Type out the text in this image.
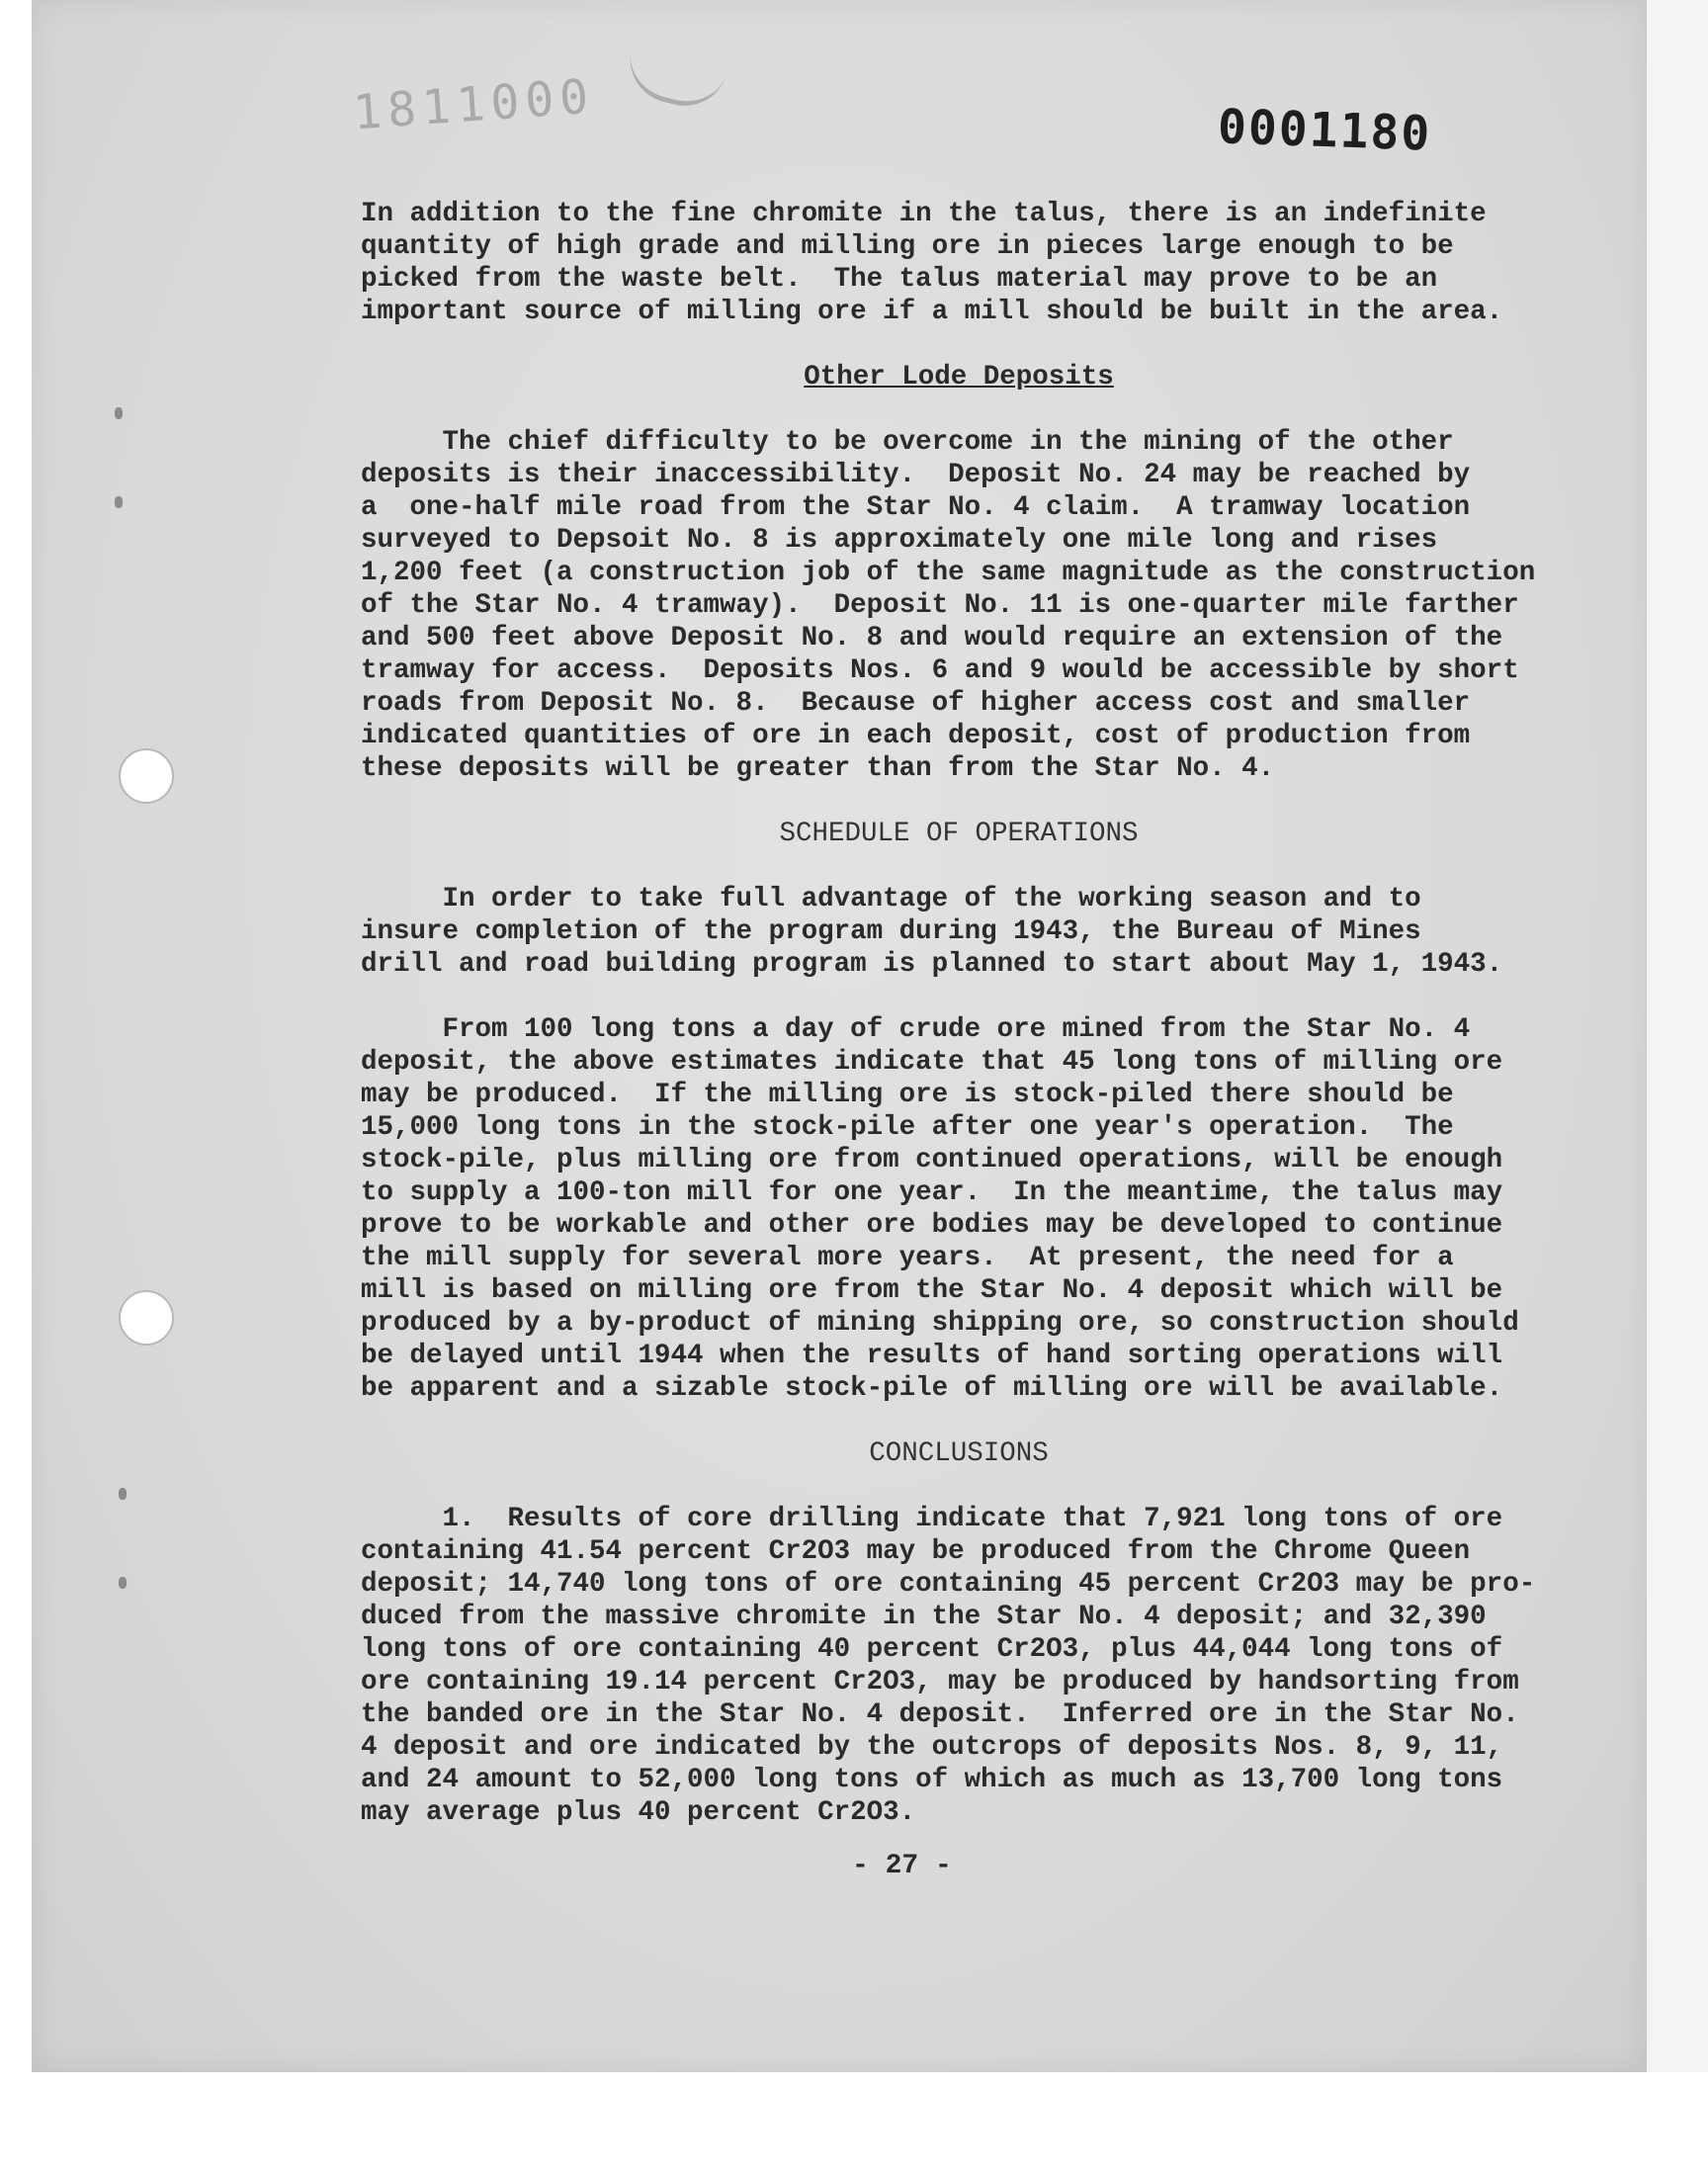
1811000	0001180

In addition to the fine chromite in the talus, there is an indefinite

quantity of high grade and milling ore in pieces large enough to be

picked from the waste belt.  The talus material may prove to be an

important source of milling ore if a mill should be built in the area.

Other Lode Deposits

The chief difficulty to be overcome in the mining of the other

deposits is their inaccessibility.  Deposit No. 24 may be reached by

a  one-half mile road from the Star No. 4 claim.  A tramway location

surveyed to Depsoit No. 8 is approximately one mile long and rises

1,200 feet (a construction job of the same magnitude as the construction

of the Star No. 4 tramway).  Deposit No. 11 is one-quarter mile farther

and 500 feet above Deposit No. 8 and would require an extension of the

tramway for access.  Deposits Nos. 6 and 9 would be accessible by short

roads from Deposit No. 8.  Because of higher access cost and smaller

indicated quantities of ore in each deposit, cost of production from

these deposits will be greater than from the Star No. 4.

SCHEDULE OF OPERATIONS

In order to take full advantage of the working season and to

insure completion of the program during 1943, the Bureau of Mines

drill and road building program is planned to start about May 1, 1943.

From 100 long tons a day of crude ore mined from the Star No. 4

deposit, the above estimates indicate that 45 long tons of milling ore

may be produced.  If the milling ore is stock-piled there should be

15,000 long tons in the stock-pile after one year's operation.  The

stock-pile, plus milling ore from continued operations, will be enough

to supply a 100-ton mill for one year.  In the meantime, the talus may

prove to be workable and other ore bodies may be developed to continue

the mill supply for several more years.  At present, the need for a

mill is based on milling ore from the Star No. 4 deposit which will be

produced by a by-product of mining shipping ore, so construction should

be delayed until 1944 when the results of hand sorting operations will

be apparent and a sizable stock-pile of milling ore will be available.

CONCLUSIONS

1.  Results of core drilling indicate that 7,921 long tons of ore

containing 41.54 percent Cr2O3 may be produced from the Chrome Queen

deposit; 14,740 long tons of ore containing 45 percent Cr2O3 may be pro-

duced from the massive chromite in the Star No. 4 deposit; and 32,390

long tons of ore containing 40 percent Cr2O3, plus 44,044 long tons of

ore containing 19.14 percent Cr2O3, may be produced by handsorting from

the banded ore in the Star No. 4 deposit.  Inferred ore in the Star No.

4 deposit and ore indicated by the outcrops of deposits Nos. 8, 9, 11,

and 24 amount to 52,000 long tons of which as much as 13,700 long tons

may average plus 40 percent Cr2O3.

- 27 -
